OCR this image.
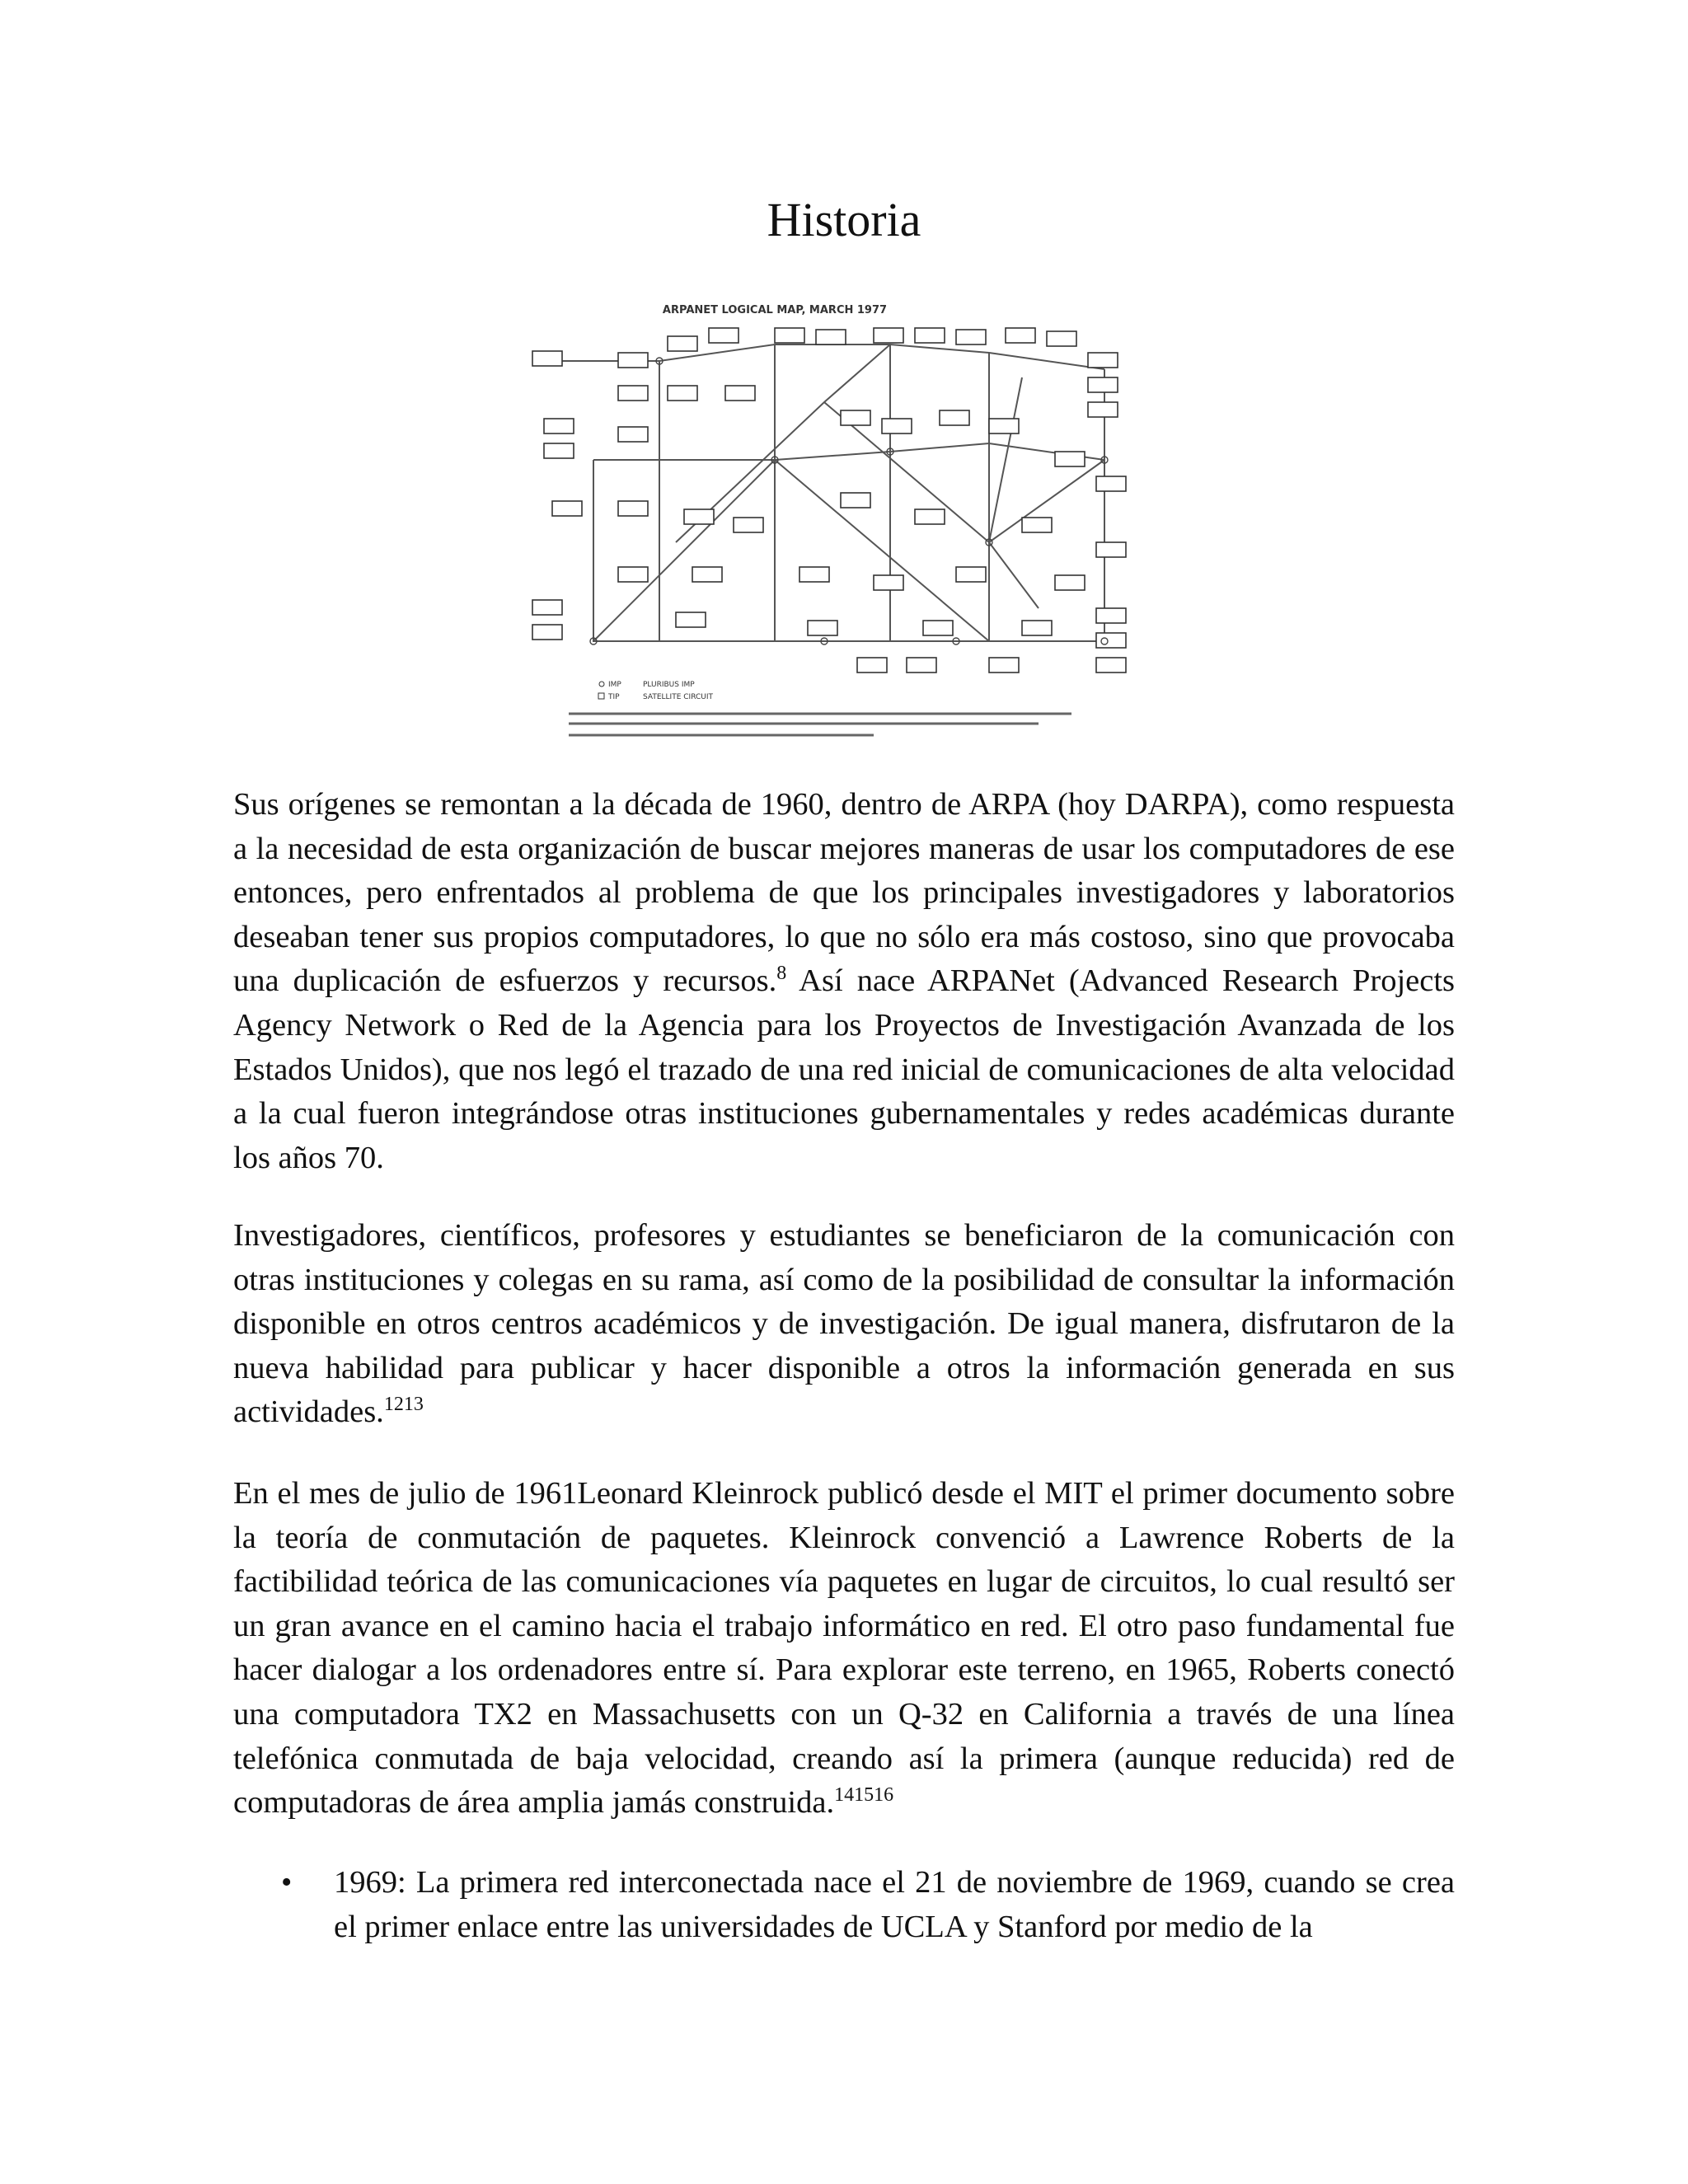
Historia
ARPANET LOGICAL MAP, MARCH 1977
IMP
TIP
PLURIBUS IMP
SATELLITE CIRCUIT

Sus orígenes se remontan a la década de 1960, dentro de ARPA (hoy DARPA), como respuesta a la necesidad de esta organización de buscar mejores maneras de usar los computadores de ese entonces, pero enfrentados al problema de que los principales investigadores y laboratorios deseaban tener sus propios computadores, lo que no sólo era más costoso, sino que provocaba una duplicación de esfuerzos y recursos.$^8$ Así nace ARPANet (Advanced Research Projects Agency Network o Red de la Agencia para los Proyectos de Investigación Avanzada de los Estados Unidos), que nos legó el trazado de una red inicial de comunicaciones de alta velocidad a la cual fueron integrándose otras instituciones gubernamentales y redes académicas durante los años 70.

Investigadores, científicos, profesores y estudiantes se beneficiaron de la comunicación con otras instituciones y colegas en su rama, así como de la posibilidad de consultar la información disponible en otros centros académicos y de investigación. De igual manera, disfrutaron de la nueva habilidad para publicar y hacer disponible a otros la información generada en sus actividades.$^{1213}$

En el mes de julio de 1961Leonard Kleinrock publicó desde el MIT el primer documento sobre la teoría de conmutación de paquetes. Kleinrock convenció a Lawrence Roberts de la factibilidad teórica de las comunicaciones vía paquetes en lugar de circuitos, lo cual resultó ser un gran avance en el camino hacia el trabajo informático en red. El otro paso fundamental fue hacer dialogar a los ordenadores entre sí. Para explorar este terreno, en 1965, Roberts conectó una computadora TX2 en Massachusetts con un Q-32 en California a través de una línea telefónica conmutada de baja velocidad, creando así la primera (aunque reducida) red de computadoras de área amplia jamás construida.$^{141516}$

• 1969: La primera red interconectada nace el 21 de noviembre de 1969, cuando se crea el primer enlace entre las universidades de UCLA y Stanford por medio de la
